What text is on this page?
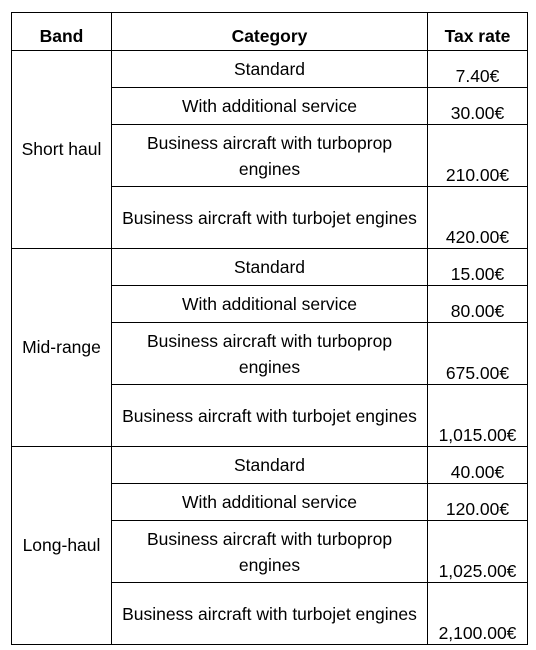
Band	Category	Tax rate
Short haul	Standard	7.40€
	With additional service	30.00€
	Business aircraft with turboprop engines	210.00€
	Business aircraft with turbojet engines	420.00€
Mid-range	Standard	15.00€
	With additional service	80.00€
	Business aircraft with turboprop engines	675.00€
	Business aircraft with turbojet engines	1,015.00€
Long-haul	Standard	40.00€
	With additional service	120.00€
	Business aircraft with turboprop engines	1,025.00€
	Business aircraft with turbojet engines	2,100.00€
